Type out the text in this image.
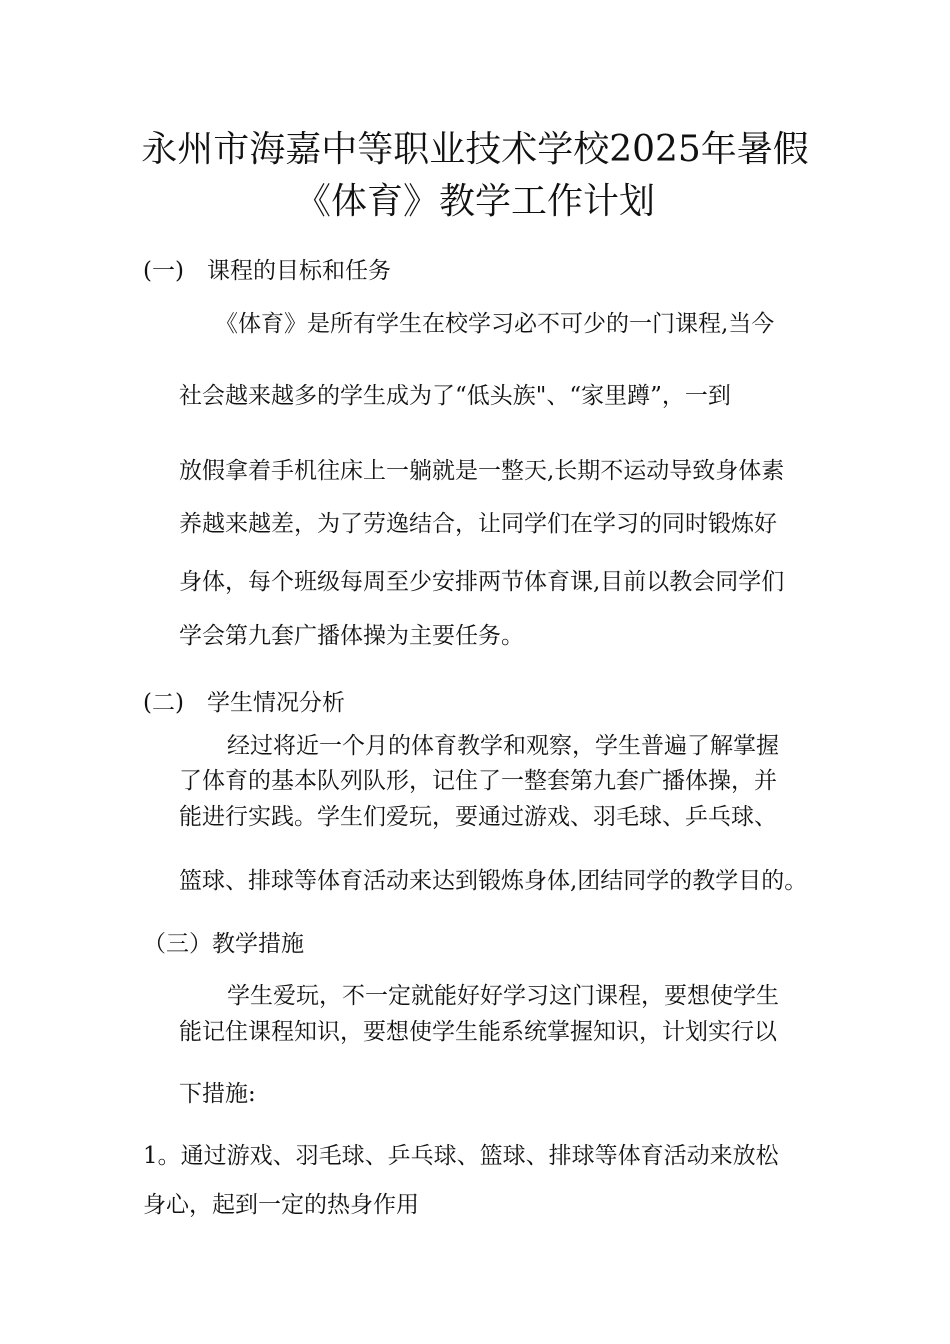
永州市海嘉中等职业技术学校2025年暑假
《体育》教学工作计划
(一)　课程的目标和任务
《体育》是所有学生在校学习必不可少的一门课程,当今
社会越来越多的学生成为了“低头族"、“家里蹲”，一到
放假拿着手机往床上一躺就是一整天,长期不运动导致身体素
养越来越差，为了劳逸结合，让同学们在学习的同时锻炼好
身体，每个班级每周至少安排两节体育课,目前以教会同学们
学会第九套广播体操为主要任务。
(二)　学生情况分析
经过将近一个月的体育教学和观察，学生普遍了解掌握
了体育的基本队列队形，记住了一整套第九套广播体操，并
能进行实践。学生们爱玩，要通过游戏、羽毛球、乒乓球、
篮球、排球等体育活动来达到锻炼身体,团结同学的教学目的。
（三）教学措施
学生爱玩，不一定就能好好学习这门课程，要想使学生
能记住课程知识，要想使学生能系统掌握知识，计划实行以
下措施:
1。通过游戏、羽毛球、乒乓球、篮球、排球等体育活动来放松
身心，起到一定的热身作用
